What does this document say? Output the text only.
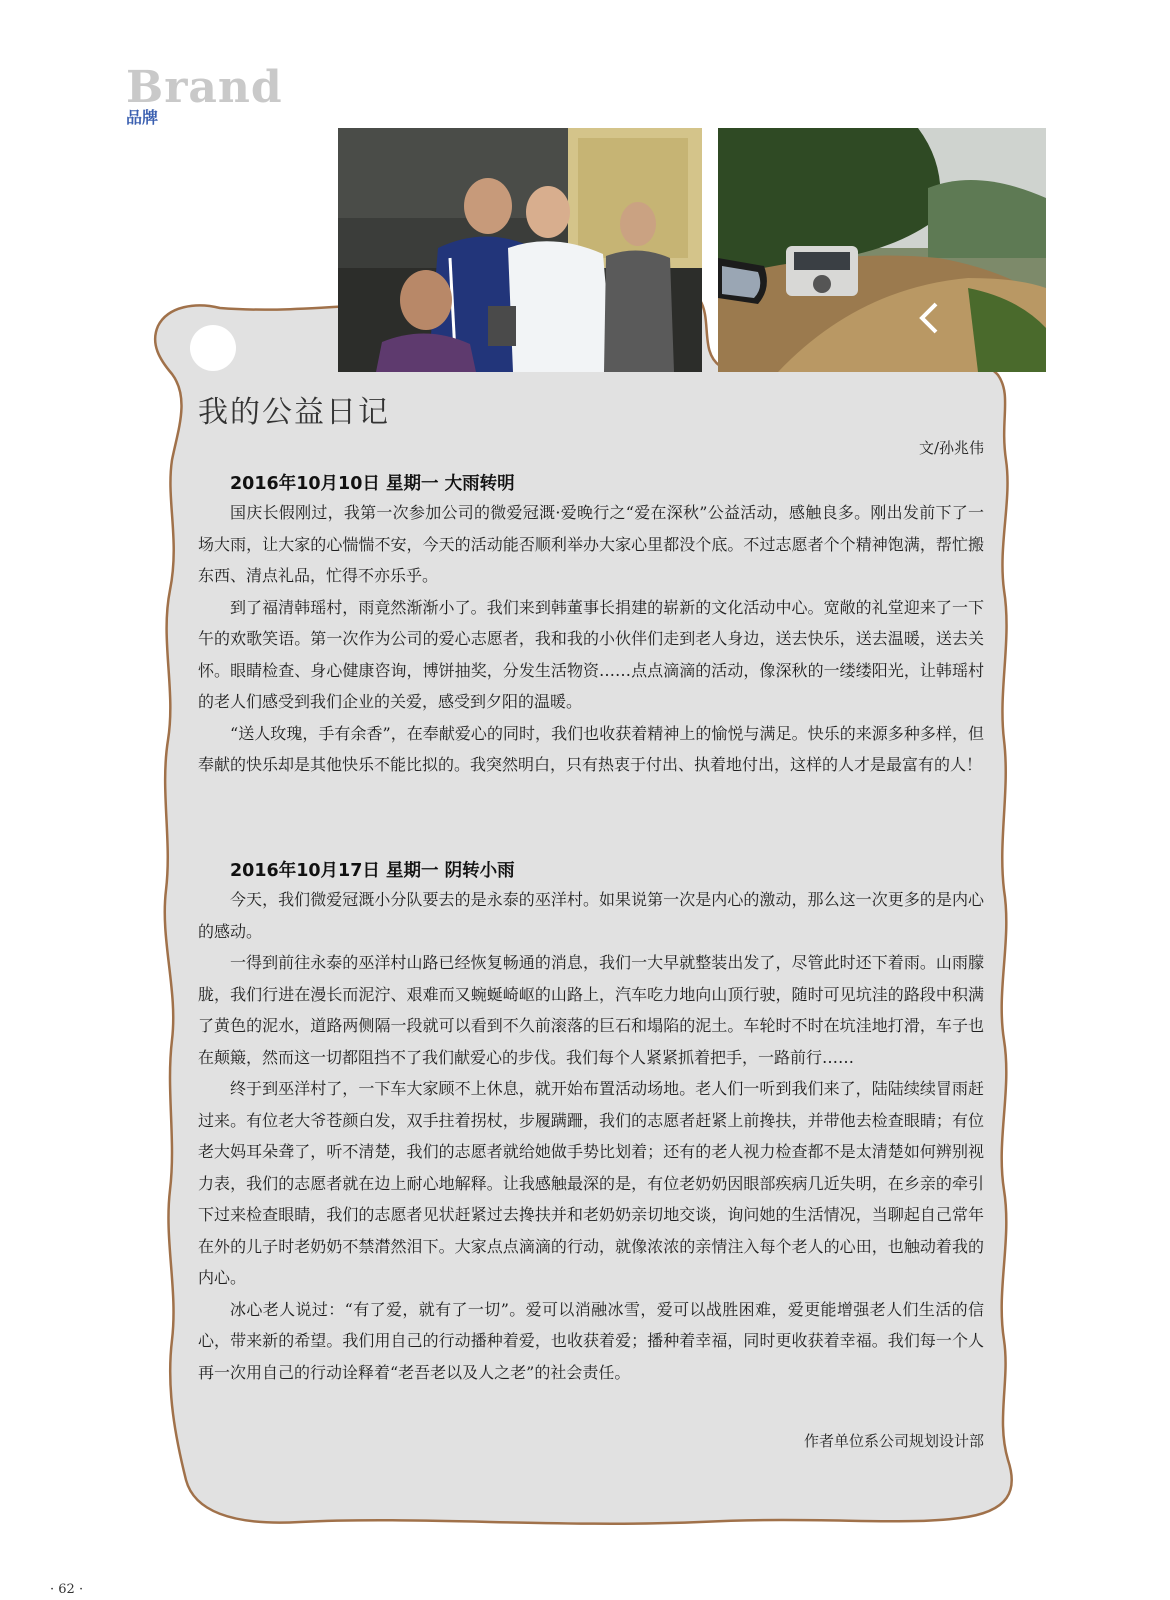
Brand
品牌
我的公益日记
文/孙兆伟
2016年10月10日 星期一 大雨转明

国庆长假刚过，我第一次参加公司的微爱冠溉·爱晚行之“爱在深秋”公益活动，感触良多。刚出发前下了一场大雨，让大家的心惴惴不安，今天的活动能否顺利举办大家心里都没个底。不过志愿者个个精神饱满，帮忙搬东西、清点礼品，忙得不亦乐乎。

到了福清韩瑶村，雨竟然渐渐小了。我们来到韩董事长捐建的崭新的文化活动中心。宽敞的礼堂迎来了一下午的欢歌笑语。第一次作为公司的爱心志愿者，我和我的小伙伴们走到老人身边，送去快乐，送去温暖，送去关怀。眼睛检查、身心健康咨询，博饼抽奖，分发生活物资……点点滴滴的活动，像深秋的一缕缕阳光，让韩瑶村的老人们感受到我们企业的关爱，感受到夕阳的温暖。

“送人玫瑰，手有余香”，在奉献爱心的同时，我们也收获着精神上的愉悦与满足。快乐的来源多种多样，但奉献的快乐却是其他快乐不能比拟的。我突然明白，只有热衷于付出、执着地付出，这样的人才是最富有的人！

2016年10月17日 星期一 阴转小雨

今天，我们微爱冠溉小分队要去的是永泰的巫洋村。如果说第一次是内心的激动，那么这一次更多的是内心的感动。

一得到前往永泰的巫洋村山路已经恢复畅通的消息，我们一大早就整装出发了，尽管此时还下着雨。山雨朦胧，我们行进在漫长而泥泞、艰难而又蜿蜒崎岖的山路上，汽车吃力地向山顶行驶，随时可见坑洼的路段中积满了黄色的泥水，道路两侧隔一段就可以看到不久前滚落的巨石和塌陷的泥土。车轮时不时在坑洼地打滑，车子也在颠簸，然而这一切都阻挡不了我们献爱心的步伐。我们每个人紧紧抓着把手，一路前行……

终于到巫洋村了，一下车大家顾不上休息，就开始布置活动场地。老人们一听到我们来了，陆陆续续冒雨赶过来。有位老大爷苍颜白发，双手拄着拐杖，步履蹒跚，我们的志愿者赶紧上前搀扶，并带他去检查眼睛；有位老大妈耳朵聋了，听不清楚，我们的志愿者就给她做手势比划着；还有的老人视力检查都不是太清楚如何辨别视力表，我们的志愿者就在边上耐心地解释。让我感触最深的是，有位老奶奶因眼部疾病几近失明，在乡亲的牵引下过来检查眼睛，我们的志愿者见状赶紧过去搀扶并和老奶奶亲切地交谈，询问她的生活情况，当聊起自己常年在外的儿子时老奶奶不禁潸然泪下。大家点点滴滴的行动，就像浓浓的亲情注入每个老人的心田，也触动着我的内心。

冰心老人说过：“有了爱，就有了一切”。爱可以消融冰雪，爱可以战胜困难，爱更能增强老人们生活的信心，带来新的希望。我们用自己的行动播种着爱，也收获着爱；播种着幸福，同时更收获着幸福。我们每一个人再一次用自己的行动诠释着“老吾老以及人之老”的社会责任。

作者单位系公司规划设计部
· 62 ·
